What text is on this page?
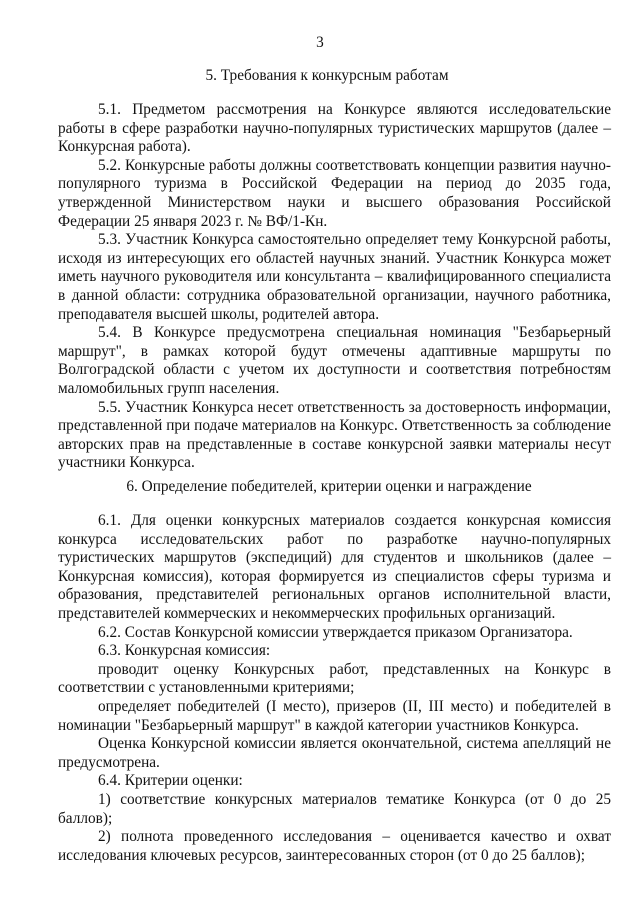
3
5. Требования к конкурсным работам

5.1. Предметом рассмотрения на Конкурсе являются исследовательские работы в сфере разработки научно-популярных туристических маршрутов (далее – Конкурсная работа).

5.2. Конкурсные работы должны соответствовать концепции развития научно-популярного туризма в Российской Федерации на период до 2035 года, утвержденной Министерством науки и высшего образования Российской Федерации 25 января 2023 г. № ВФ/1-Кн.

5.3. Участник Конкурса самостоятельно определяет тему Конкурсной работы, исходя из интересующих его областей научных знаний. Участник Конкурса может иметь научного руководителя или консультанта – квалифицированного специалиста в данной области: сотрудника образовательной организации, научного работника, преподавателя высшей школы, родителей автора.

5.4. В Конкурсе предусмотрена специальная номинация "Безбарьерный маршрут", в рамках которой будут отмечены адаптивные маршруты по Волгоградской области с учетом их доступности и соответствия потребностям маломобильных групп населения.

5.5. Участник Конкурса несет ответственность за достоверность информации, представленной при подаче материалов на Конкурс. Ответственность за соблюдение авторских прав на представленные в составе конкурсной заявки материалы несут участники Конкурса.

6. Определение победителей, критерии оценки и награждение

6.1. Для оценки конкурсных материалов создается конкурсная комиссия конкурса исследовательских работ по разработке научно-популярных туристических маршрутов (экспедиций) для студентов и школьников (далее – Конкурсная комиссия), которая формируется из специалистов сферы туризма и образования, представителей региональных органов исполнительной власти, представителей коммерческих и некоммерческих профильных организаций.

6.2. Состав Конкурсной комиссии утверждается приказом Организатора.

6.3. Конкурсная комиссия:

проводит оценку Конкурсных работ, представленных на Конкурс в соответствии с установленными критериями;

определяет победителей (I место), призеров (II, III место) и победителей в номинации "Безбарьерный маршрут" в каждой категории участников Конкурса.

Оценка Конкурсной комиссии является окончательной, система апелляций не предусмотрена.

6.4. Критерии оценки:

1) соответствие конкурсных материалов тематике Конкурса (от 0 до 25 баллов);

2) полнота проведенного исследования – оценивается качество и охват исследования ключевых ресурсов, заинтересованных сторон (от 0 до 25 баллов);
